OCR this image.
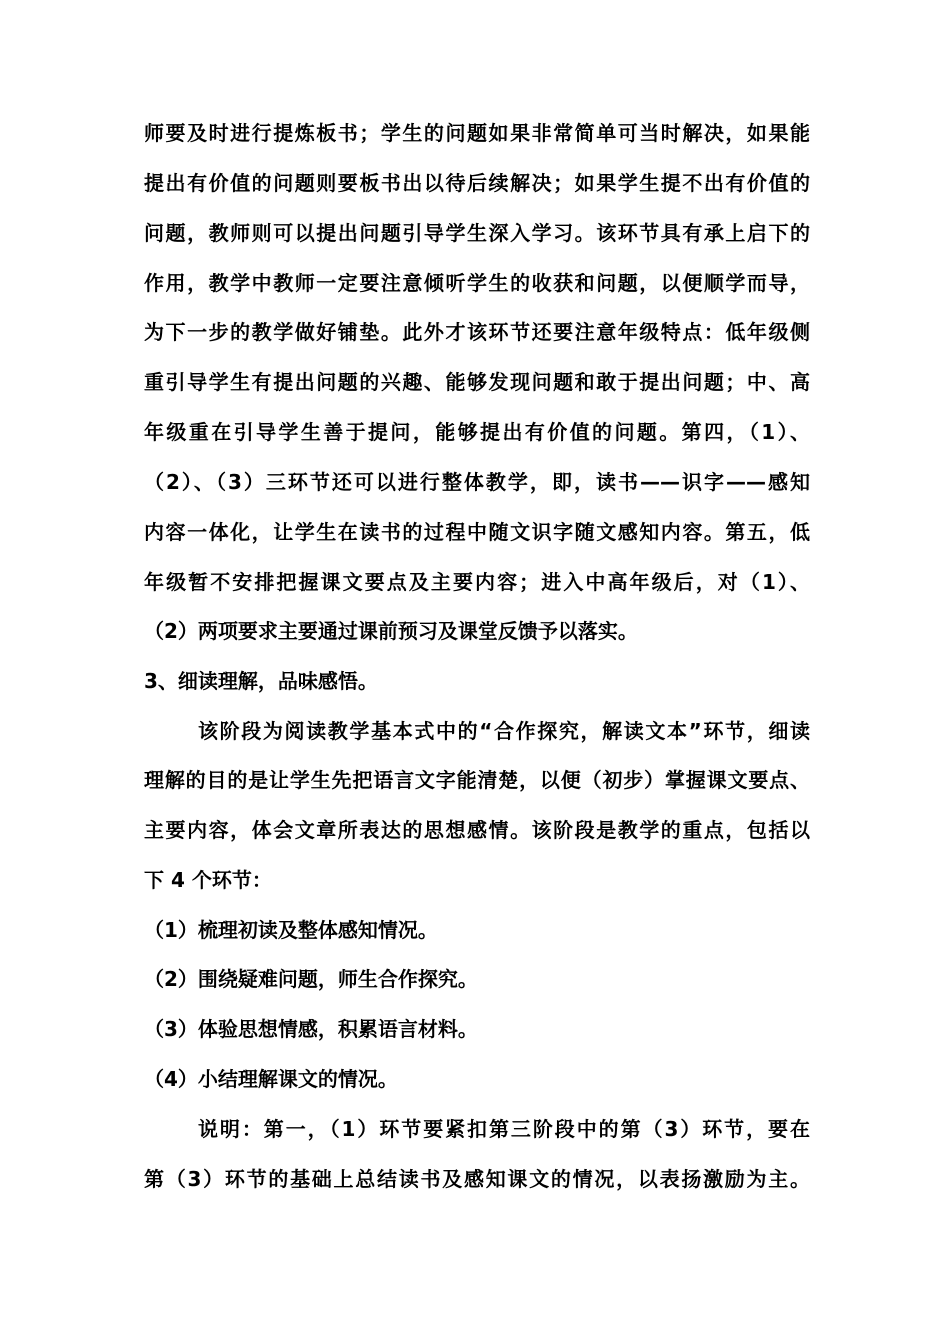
师要及时进行提炼板书；学生的问题如果非常简单可当时解决，如果能
提出有价值的问题则要板书出以待后续解决；如果学生提不出有价值的
问题，教师则可以提出问题引导学生深入学习。该环节具有承上启下的
作用，教学中教师一定要注意倾听学生的收获和问题，以便顺学而导，
为下一步的教学做好铺垫。此外才该环节还要注意年级特点：低年级侧
重引导学生有提出问题的兴趣、能够发现问题和敢于提出问题；中、高
年级重在引导学生善于提问，能够提出有价值的问题。第四，（1）、
（2）、（3）三环节还可以进行整体教学，即，读书——识字——感知
内容一体化，让学生在读书的过程中随文识字随文感知内容。第五，低
年级暂不安排把握课文要点及主要内容；进入中高年级后，对（1）、
（2）两项要求主要通过课前预习及课堂反馈予以落实。
3、细读理解，品味感悟。
该阶段为阅读教学基本式中的“合作探究，解读文本”环节，细读
理解的目的是让学生先把语言文字能清楚，以便（初步）掌握课文要点、
主要内容，体会文章所表达的思想感情。该阶段是教学的重点，包括以
下 4 个环节：
（1）梳理初读及整体感知情况。
（2）围绕疑难问题，师生合作探究。
（3）体验思想情感，积累语言材料。
（4）小结理解课文的情况。
说明：第一，（1）环节要紧扣第三阶段中的第（3）环节，要在
第（3）环节的基础上总结读书及感知课文的情况，以表扬激励为主。
